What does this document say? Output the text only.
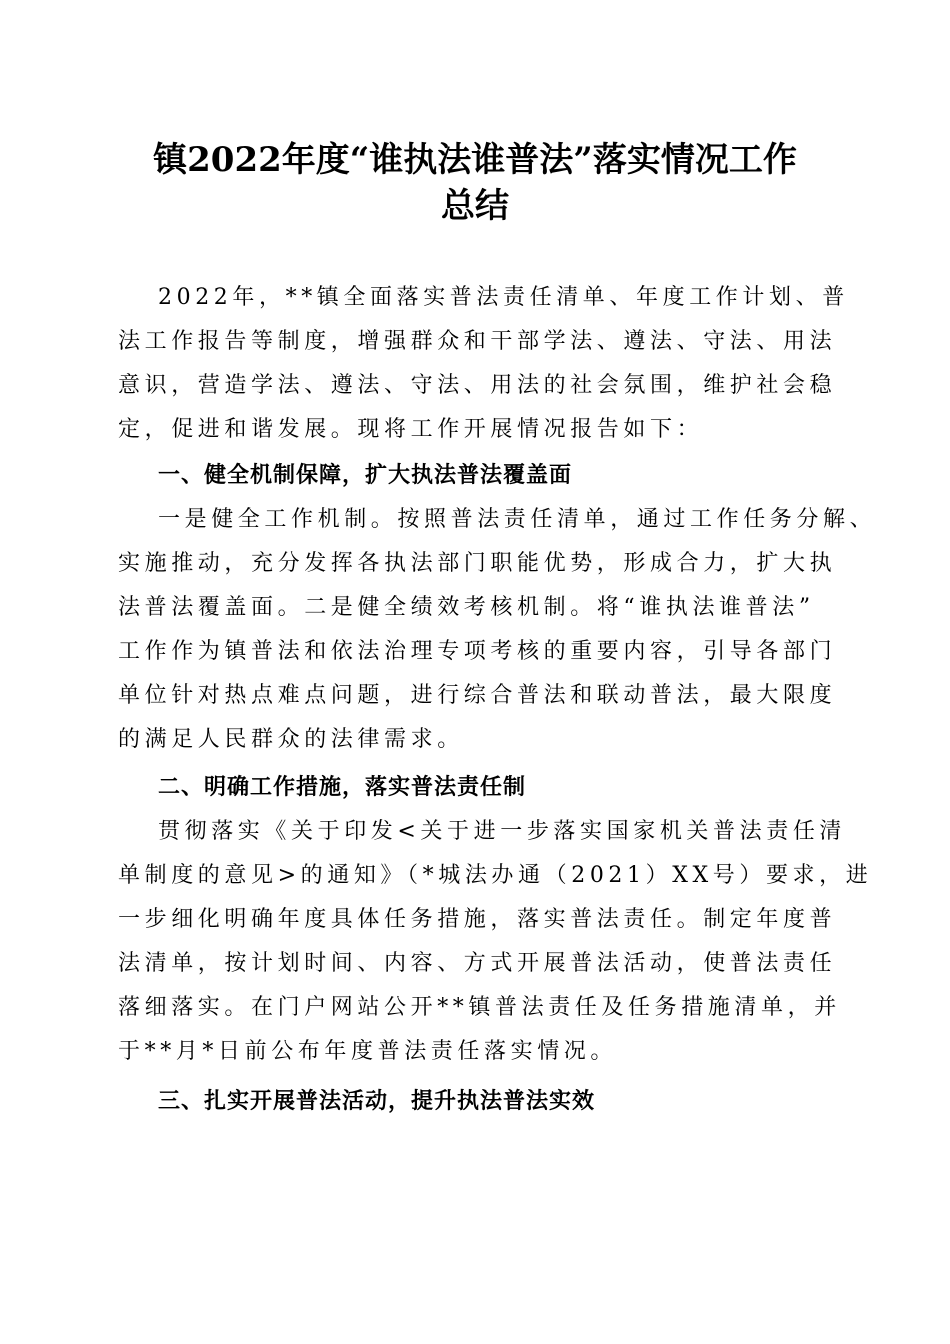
镇2022年度“谁执法谁普法”落实情况工作
总结
2022年，**镇全面落实普法责任清单、年度工作计划、普
法工作报告等制度，增强群众和干部学法、遵法、守法、用法
意识，营造学法、遵法、守法、用法的社会氛围，维护社会稳
定，促进和谐发展。现将工作开展情况报告如下：
一、健全机制保障，扩大执法普法覆盖面
一是健全工作机制。按照普法责任清单，通过工作任务分解、
实施推动，充分发挥各执法部门职能优势，形成合力，扩大执
法普法覆盖面。二是健全绩效考核机制。将“谁执法谁普法”
工作作为镇普法和依法治理专项考核的重要内容，引导各部门
单位针对热点难点问题，进行综合普法和联动普法，最大限度
的满足人民群众的法律需求。
二、明确工作措施，落实普法责任制
贯彻落实《关于印发<关于进一步落实国家机关普法责任清
单制度的意见>的通知》（*城法办通（2021）XX号）要求，进
一步细化明确年度具体任务措施，落实普法责任。制定年度普
法清单，按计划时间、内容、方式开展普法活动，使普法责任
落细落实。在门户网站公开**镇普法责任及任务措施清单，并
于**月*日前公布年度普法责任落实情况。
三、扎实开展普法活动，提升执法普法实效
